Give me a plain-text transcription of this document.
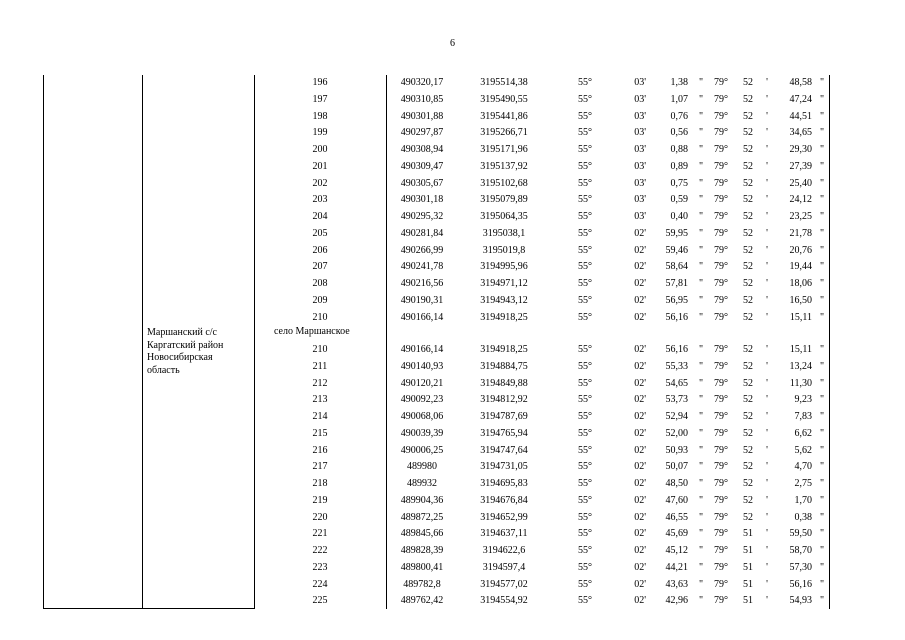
6
Маршанский с/с
Каргатский район
Новосибирская
область
село Маршанское
196	490320,17	3195514,38	55°	03'	1,38 "	79°	52	'	48,58 "
197	490310,85	3195490,55	55°	03'	1,07 "	79°	52	'	47,24 "
198	490301,88	3195441,86	55°	03'	0,76 "	79°	52	'	44,51 "
199	490297,87	3195266,71	55°	03'	0,56 "	79°	52	'	34,65 "
200	490308,94	3195171,96	55°	03'	0,88 "	79°	52	'	29,30 "
201	490309,47	3195137,92	55°	03'	0,89 "	79°	52	'	27,39 "
202	490305,67	3195102,68	55°	03'	0,75 "	79°	52	'	25,40 "
203	490301,18	3195079,89	55°	03'	0,59 "	79°	52	'	24,12 "
204	490295,32	3195064,35	55°	03'	0,40 "	79°	52	'	23,25 "
205	490281,84	3195038,1	55°	02'	59,95 "	79°	52	'	21,78 "
206	490266,99	3195019,8	55°	02'	59,46 "	79°	52	'	20,76 "
207	490241,78	3194995,96	55°	02'	58,64 "	79°	52	'	19,44 "
208	490216,56	3194971,12	55°	02'	57,81 "	79°	52	'	18,06 "
209	490190,31	3194943,12	55°	02'	56,95 "	79°	52	'	16,50 "
210	490166,14	3194918,25	55°	02'	56,16 "	79°	52	'	15,11 "
210	490166,14	3194918,25	55°	02'	56,16 "	79°	52	'	15,11 "
211	490140,93	3194884,75	55°	02'	55,33 "	79°	52	'	13,24 "
212	490120,21	3194849,88	55°	02'	54,65 "	79°	52	'	11,30 "
213	490092,23	3194812,92	55°	02'	53,73 "	79°	52	'	9,23 "
214	490068,06	3194787,69	55°	02'	52,94 "	79°	52	'	7,83 "
215	490039,39	3194765,94	55°	02'	52,00 "	79°	52	'	6,62 "
216	490006,25	3194747,64	55°	02'	50,93 "	79°	52	'	5,62 "
217	489980	3194731,05	55°	02'	50,07 "	79°	52	'	4,70 "
218	489932	3194695,83	55°	02'	48,50 "	79°	52	'	2,75 "
219	489904,36	3194676,84	55°	02'	47,60 "	79°	52	'	1,70 "
220	489872,25	3194652,99	55°	02'	46,55 "	79°	52	'	0,38 "
221	489845,66	3194637,11	55°	02'	45,69 "	79°	51	'	59,50 "
222	489828,39	3194622,6	55°	02'	45,12 "	79°	51	'	58,70 "
223	489800,41	3194597,4	55°	02'	44,21 "	79°	51	'	57,30 "
224	489782,8	3194577,02	55°	02'	43,63 "	79°	51	'	56,16 "
225	489762,42	3194554,92	55°	02'	42,96 "	79°	51	'	54,93 "
